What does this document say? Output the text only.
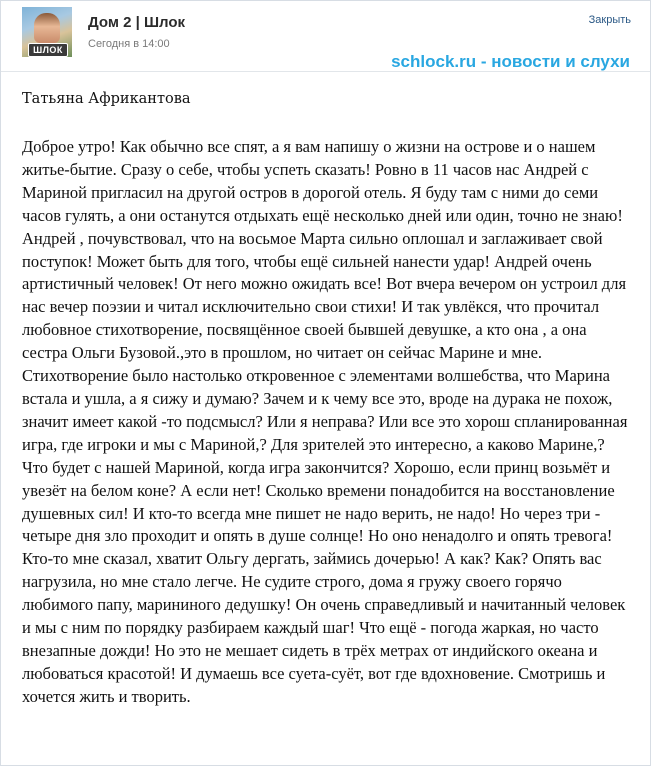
ШЛОК
Дом 2 | Шлок
Сегодня в 14:00
Закрыть
schlock.ru - новости и слухи
Татьяна Африкантова

Доброе утро! Как обычно все спят, а я вам напишу о жизни на острове и о нашем житье-бытие. Сразу о себе, чтобы успеть сказать! Ровно в 11 часов нас Андрей с Мариной пригласил на другой остров в дорогой отель. Я буду там с ними до семи часов гулять, а они останутся отдыхать ещё несколько дней или один, точно не знаю! Андрей , почувствовал, что на восьмое Марта сильно оплошал и заглаживает свой поступок! Может быть для того, чтобы ещё сильней нанести удар! Андрей очень артистичный человек! От него можно ожидать все! Вот вчера вечером он устроил для нас вечер поэзии и читал исключительно свои стихи! И так увлёкся, что прочитал любовное стихотворение, посвящённое своей бывшей девушке, а кто она , а она сестра Ольги Бузовой.,это в прошлом, но читает он сейчас Марине и мне. Стихотворение было настолько откровенное с элементами волшебства, что Марина встала и ушла, а я сижу и думаю? Зачем и к чему все это, вроде на дурака не похож, значит имеет какой -то подсмысл? Или я неправа? Или все это хорош спланированная игра, где игроки и мы с Мариной,? Для зрителей это интересно, а каково Марине,? Что будет с нашей Мариной, когда игра закончится? Хорошо, если принц возьмёт и увезёт на белом коне? А если нет! Сколько времени понадобится на восстановление душевных сил! И кто-то всегда мне пишет не надо верить, не надо! Но через три - четыре дня зло проходит и опять в душе солнце! Но оно ненадолго и опять тревога! Кто-то мне сказал, хватит Ольгу дергать, займись дочерью! А как? Как? Опять вас нагрузила, но мне стало легче. Не судите строго, дома я гружу своего горячо любимого папу, марининого дедушку! Он очень справедливый и начитанный человек и мы с ним по порядку разбираем каждый шаг! Что ещё - погода жаркая, но часто внезапные дожди! Но это не мешает сидеть в трёх метрах от индийского океана и любоваться красотой! И думаешь все суета-суёт, вот где вдохновение. Смотришь и хочется жить и творить.
